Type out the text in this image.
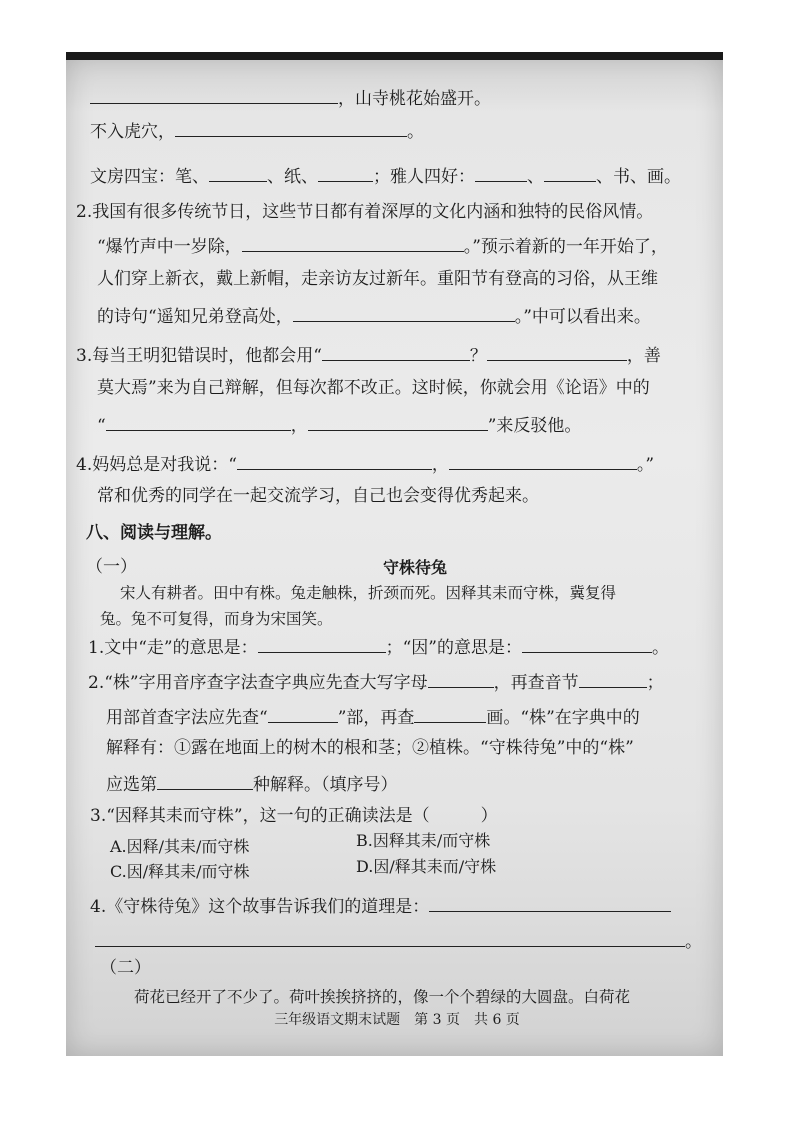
，山寺桃花始盛开。
不入虎穴，	。
文房四宝：笔、	、纸、	；雅人四好：	、	、书、画。
2.我国有很多传统节日，这些节日都有着深厚的文化内涵和独特的民俗风情。
“爆竹声中一岁除，	。”预示着新的一年开始了，
人们穿上新衣，戴上新帽，走亲访友过新年。重阳节有登高的习俗，从王维
的诗句“遥知兄弟登高处，	。”中可以看出来。
3.每当王明犯错误时，他都会用“	？	，善
莫大焉”来为自己辩解，但每次都不改正。这时候，你就会用《论语》中的
“	，	”来反驳他。
4.妈妈总是对我说：“	，	。”
常和优秀的同学在一起交流学习，自己也会变得优秀起来。
八、阅读与理解。
（一）	守株待兔
宋人有耕者。田中有株。兔走触株，折颈而死。因释其耒而守株，冀复得
兔。兔不可复得，而身为宋国笑。
1.文中“走”的意思是：	；“因”的意思是：	。
2.“株”字用音序查字法查字典应先查大写字母	，再查音节	；
用部首查字法应先查“	”部，再查	画。“株”在字典中的
解释有：①露在地面上的树木的根和茎；②植株。“守株待兔”中的“株”
应选第	种解释。（填序号）
3.“因释其耒而守株”，这一句的正确读法是（　　　）
A.因释/其耒/而守株	B.因释其耒/而守株
C.因/释其耒/而守株	D.因/释其耒而/守株
4.《守株待兔》这个故事告诉我们的道理是：
。
（二）
荷花已经开了不少了。荷叶挨挨挤挤的，像一个个碧绿的大圆盘。白荷花
三年级语文期末试题　第 3 页　共 6 页
